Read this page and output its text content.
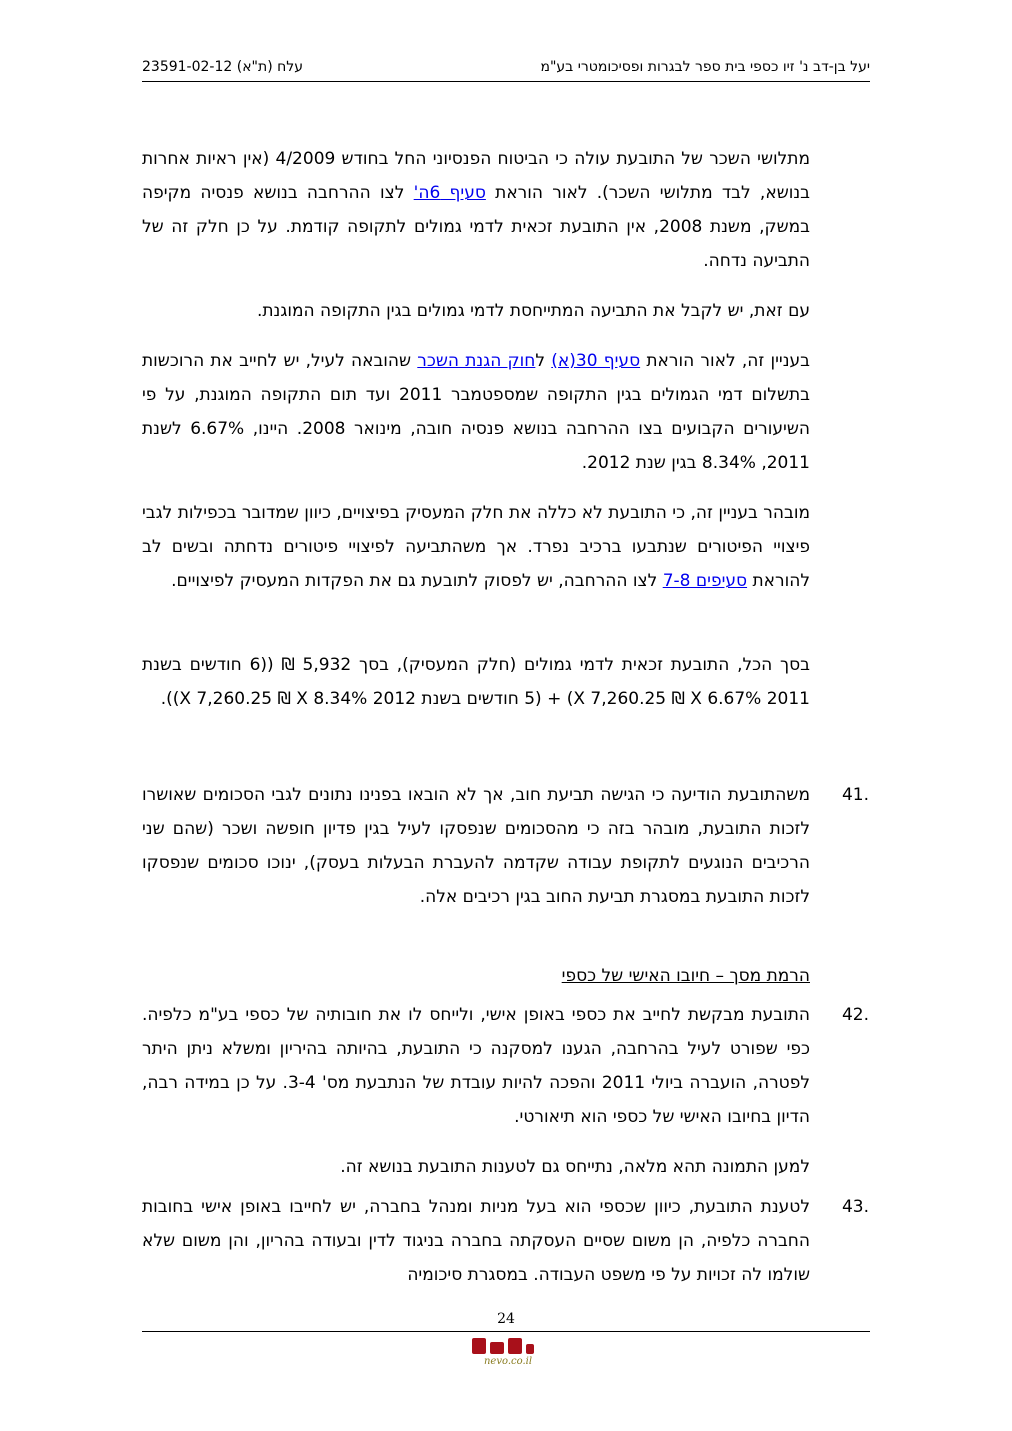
עלח (ת"א) 23591-02-12	יעל בן-דב נ' זיו כספי בית ספר לבגרות ופסיכומטרי בע"מ

מתלושי השכר של התובעת עולה כי הביטוח הפנסיוני החל בחודש 4/2009 (אין ראיות אחרות בנושא, לבד מתלושי השכר). לאור הוראת סעיף 6ה' לצו ההרחבה בנושא פנסיה מקיפה במשק, משנת 2008, אין התובעת זכאית לדמי גמולים לתקופה קודמת. על כן חלק זה של התביעה נדחה.

עם זאת, יש לקבל את התביעה המתייחסת לדמי גמולים בגין התקופה המוגנת.

בעניין זה, לאור הוראת סעיף 30(א) לחוק הגנת השכר שהובאה לעיל, יש לחייב את הרוכשות בתשלום דמי הגמולים בגין התקופה שמספטמבר 2011 ועד תום התקופה המוגנת, על פי השיעורים הקבועים בצו ההרחבה בנושא פנסיה חובה, מינואר 2008. היינו, 6.67% לשנת 2011, 8.34% בגין שנת 2012.

מובהר בעניין זה, כי התובעת לא כללה את חלק המעסיק בפיצויים, כיוון שמדובר בכפילות לגבי פיצויי הפיטורים שנתבעו ברכיב נפרד. אך משהתביעה לפיצויי פיטורים נדחתה ובשים לב להוראת סעיפים 7-8 לצו ההרחבה, יש לפסוק לתובעת גם את הפקדות המעסיק לפיצויים.

בסך הכל, התובעת זכאית לדמי גמולים (חלק המעסיק), בסך 5,932 ₪ ((6 חודשים בשנת 2011 X 7,260.25 ₪ X 6.67%) + (5 חודשים בשנת 2012 X 7,260.25 ₪ X 8.34%)).

41.

משהתובעת הודיעה כי הגישה תביעת חוב, אך לא הובאו בפנינו נתונים לגבי הסכומים שאושרו לזכות התובעת, מובהר בזה כי מהסכומים שנפסקו לעיל בגין פדיון חופשה ושכר (שהם שני הרכיבים הנוגעים לתקופת עבודה שקדמה להעברת הבעלות בעסק), ינוכו סכומים שנפסקו לזכות התובעת במסגרת תביעת החוב בגין רכיבים אלה.

הרמת מסך – חיובו האישי של כספי
42.

התובעת מבקשת לחייב את כספי באופן אישי, ולייחס לו את חובותיה של כספי בע"מ כלפיה. כפי שפורט לעיל בהרחבה, הגענו למסקנה כי התובעת, בהיותה בהיריון ומשלא ניתן היתר לפטרה, הועברה ביולי 2011 והפכה להיות עובדת של הנתבעת מס' 3-4. על כן במידה רבה, הדיון בחיובו האישי של כספי הוא תיאורטי.

למען התמונה תהא מלאה, נתייחס גם לטענות התובעת בנושא זה.

43.

לטענת התובעת, כיוון שכספי הוא בעל מניות ומנהל בחברה, יש לחייבו באופן אישי בחובות החברה כלפיה, הן משום שסיים העסקתה בחברה בניגוד לדין ובעודה בהריון, והן משום שלא שולמו לה זכויות על פי משפט העבודה. במסגרת סיכומיה

24
nevo.co.il
